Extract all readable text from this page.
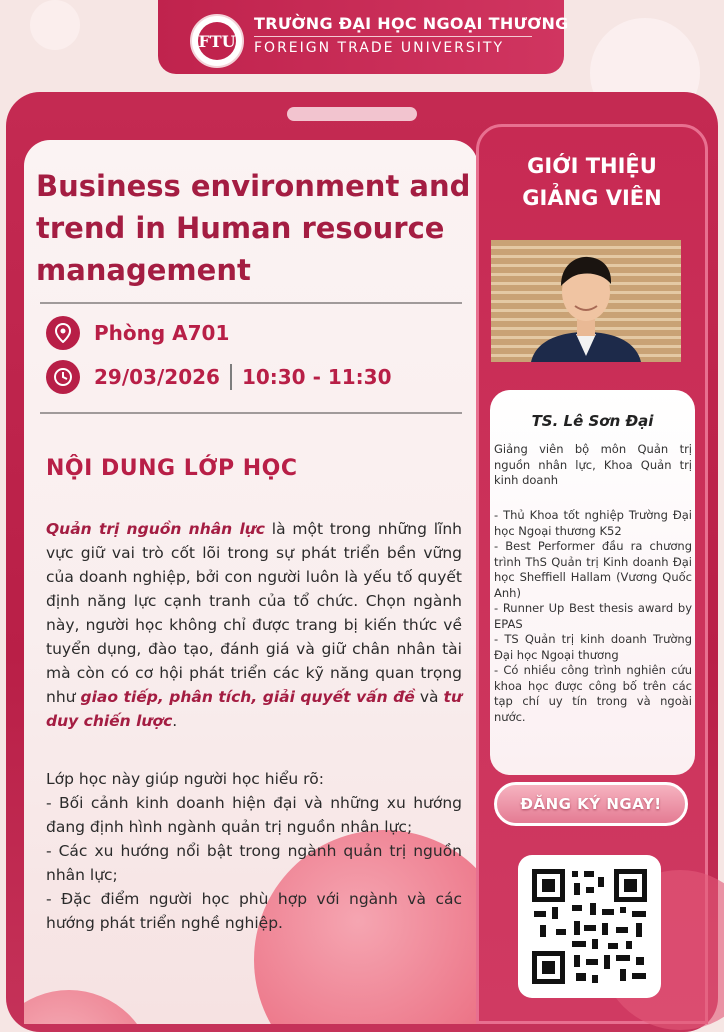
FTU
TRƯỜNG ĐẠI HỌC NGOẠI THƯƠNG
FOREIGN TRADE UNIVERSITY
Business environment and trend in Human resource management
Phòng A701
29/03/2026 10:30 - 11:30
NỘI DUNG LỚP HỌC
Quản trị nguồn nhân lực là một trong những lĩnh vực giữ vai trò cốt lõi trong sự phát triển bền vững của doanh nghiệp, bởi con người luôn là yếu tố quyết định năng lực cạnh tranh của tổ chức. Chọn ngành này, người học không chỉ được trang bị kiến thức về tuyển dụng, đào tạo, đánh giá và giữ chân nhân tài mà còn có cơ hội phát triển các kỹ năng quan trọng như giao tiếp, phân tích, giải quyết vấn đề và tư duy chiến lược.
Lớp học này giúp người học hiểu rõ:
- Bối cảnh kinh doanh hiện đại và những xu hướng đang định hình ngành quản trị nguồn nhân lực;
- Các xu hướng nổi bật trong ngành quản trị nguồn nhân lực;
- Đặc điểm người học phù hợp với ngành và các hướng phát triển nghề nghiệp.
GIỚI THIỆU
GIẢNG VIÊN
TS. Lê Sơn Đại
Giảng viên bộ môn Quản trị nguồn nhân lực, Khoa Quản trị kinh doanh
- Thủ Khoa tốt nghiệp Trường Đại học Ngoại thương K52
- Best Performer đầu ra chương trình ThS Quản trị Kinh doanh Đại học Sheffiell Hallam (Vương Quốc Anh)
- Runner Up Best thesis award by EPAS
- TS Quản trị kinh doanh Trường Đại học Ngoại thương
- Có nhiều công trình nghiên cứu khoa học được công bố trên các tạp chí uy tín trong và ngoài nước.
ĐĂNG KÝ NGAY!
